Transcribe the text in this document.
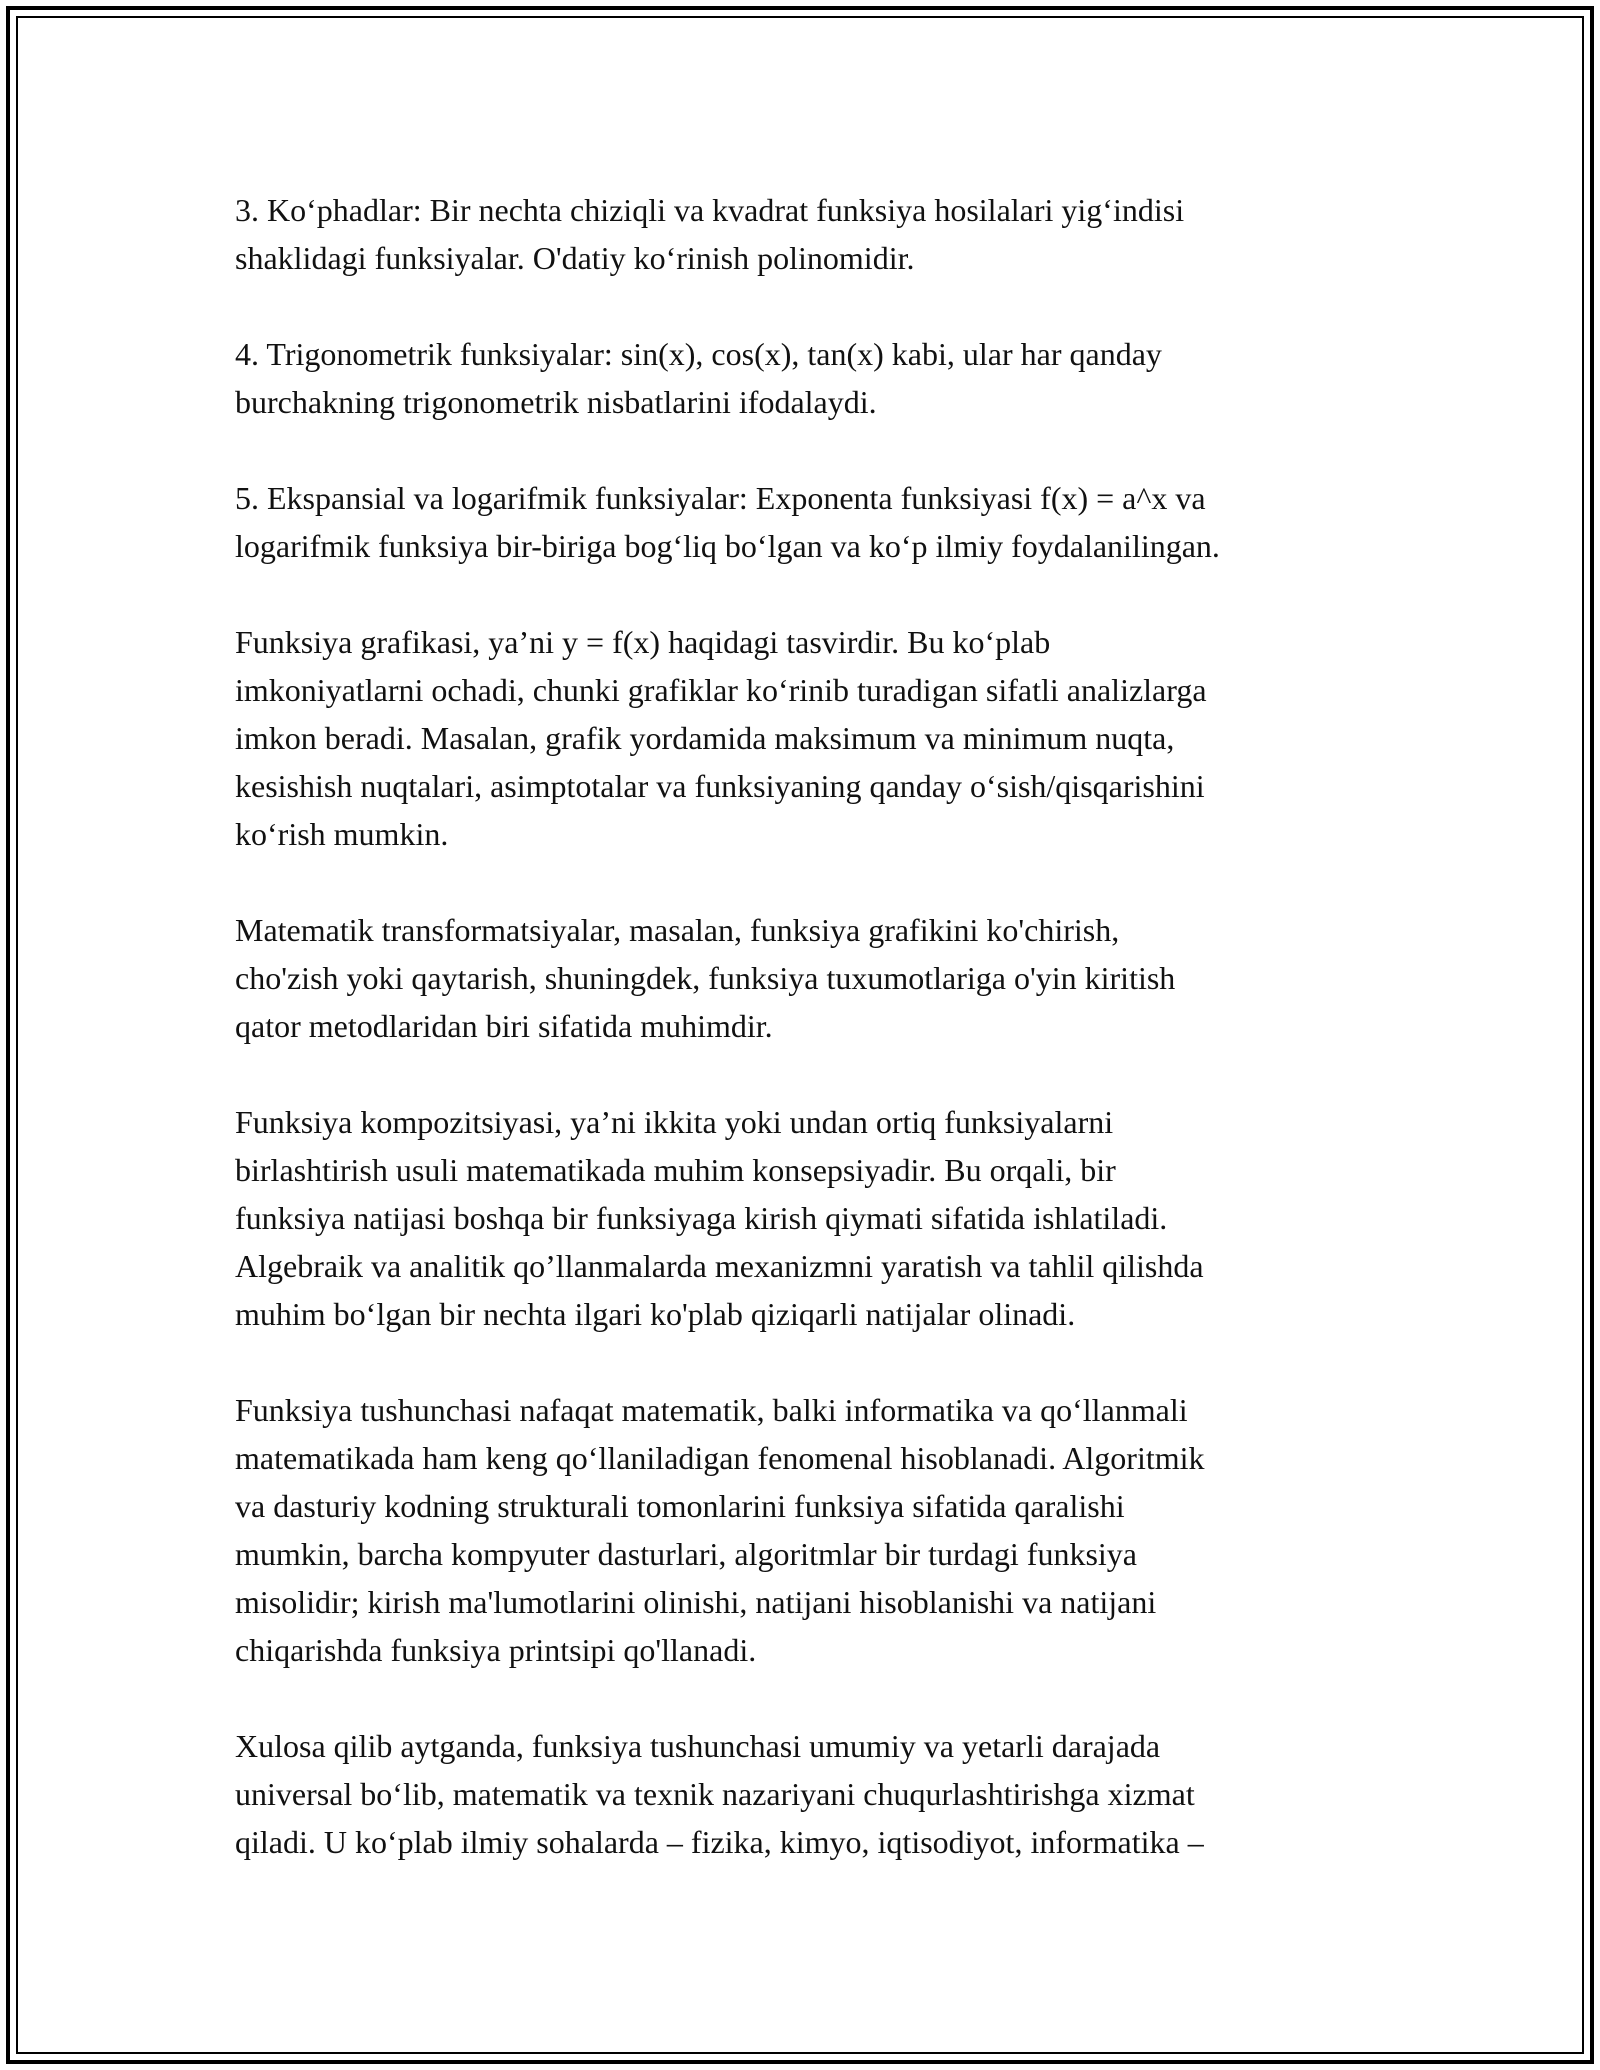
3. Ko‘phadlar: Bir nechta chiziqli va kvadrat funksiya hosilalari yig‘indisi
shaklidagi funksiyalar. O'datiy ko‘rinish polinomidir.

4. Trigonometrik funksiyalar: sin(x), cos(x), tan(x) kabi, ular har qanday
burchakning trigonometrik nisbatlarini ifodalaydi.

5. Ekspansial va logarifmik funksiyalar: Exponenta funksiyasi f(x) = a^x va
logarifmik funksiya bir-biriga bog‘liq bo‘lgan va ko‘p ilmiy foydalanilingan.

Funksiya grafikasi, ya’ni y = f(x) haqidagi tasvirdir. Bu ko‘plab
imkoniyatlarni ochadi, chunki grafiklar ko‘rinib turadigan sifatli analizlarga
imkon beradi. Masalan, grafik yordamida maksimum va minimum nuqta,
kesishish nuqtalari, asimptotalar va funksiyaning qanday o‘sish/qisqarishini
ko‘rish mumkin.

Matematik transformatsiyalar, masalan, funksiya grafikini ko'chirish,
cho'zish yoki qaytarish, shuningdek, funksiya tuxumotlariga o'yin kiritish
qator metodlaridan biri sifatida muhimdir.

Funksiya kompozitsiyasi, ya’ni ikkita yoki undan ortiq funksiyalarni
birlashtirish usuli matematikada muhim konsepsiyadir. Bu orqali, bir
funksiya natijasi boshqa bir funksiyaga kirish qiymati sifatida ishlatiladi.
Algebraik va analitik qo’llanmalarda mexanizmni yaratish va tahlil qilishda
muhim bo‘lgan bir nechta ilgari ko'plab qiziqarli natijalar olinadi.

Funksiya tushunchasi nafaqat matematik, balki informatika va qo‘llanmali
matematikada ham keng qo‘llaniladigan fenomenal hisoblanadi. Algoritmik
va dasturiy kodning strukturali tomonlarini funksiya sifatida qaralishi
mumkin, barcha kompyuter dasturlari, algoritmlar bir turdagi funksiya
misolidir; kirish ma'lumotlarini olinishi, natijani hisoblanishi va natijani
chiqarishda funksiya printsipi qo'llanadi.

Xulosa qilib aytganda, funksiya tushunchasi umumiy va yetarli darajada
universal bo‘lib, matematik va texnik nazariyani chuqurlashtirishga xizmat
qiladi. U ko‘plab ilmiy sohalarda – fizika, kimyo, iqtisodiyot, informatika –
